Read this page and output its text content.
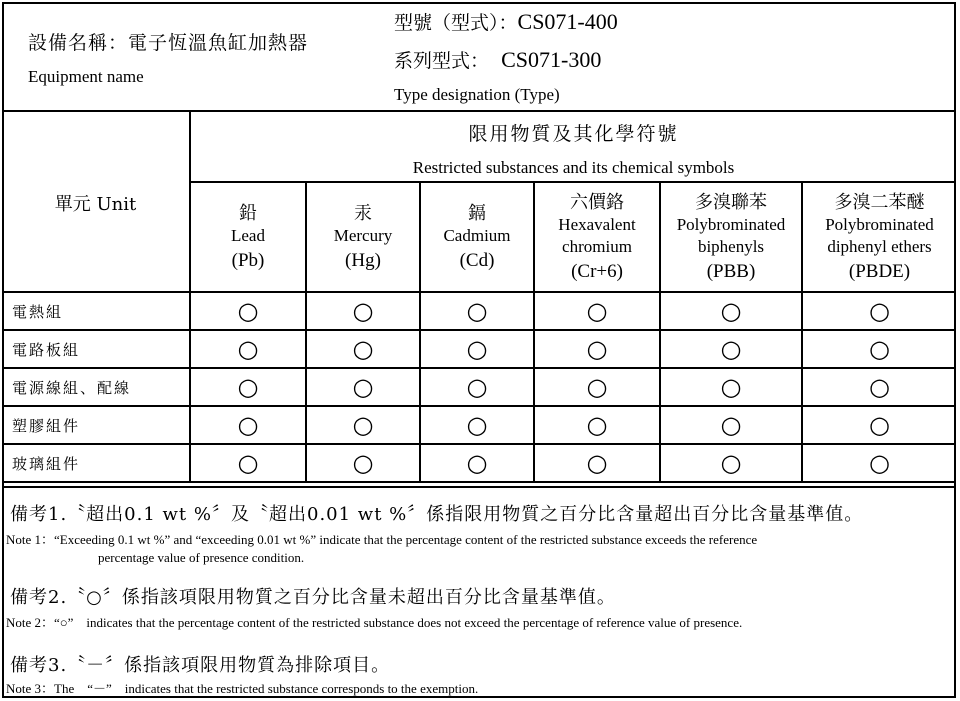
設備名稱：電子恆溫魚缸加熱器
Equipment name
型號（型式）：CS071-400
系列型式： CS071-300
Type designation (Type)
單元 Unit	限用物質及其化學符號
Restricted substances and its chemical symbols					

	鉛
Lead
(Pb)	汞
Mercury
(Hg)	鎘
Cadmium
(Cd)	六價鉻
Hexavalent chromium
(Cr+6)	多溴聯苯
Polybrominated biphenyls
(PBB)	多溴二苯醚
Polybrominated diphenyl ethers
(PBDE)

電熱組	○	○	○	○	○	○
電路板組	○	○	○	○	○	○
電源線組、配線	○	○	○	○	○	○
塑膠組件	○	○	○	○	○	○
玻璃組件	○	○	○	○	○	○
備考1.〝超出0.1 wt %〞及〝超出0.01 wt %〞係指限用物質之百分比含量超出百分比含量基準值。
Note 1：“Exceeding 0.1 wt %” and “exceeding 0.01 wt %” indicate that the percentage content of the restricted substance exceeds the reference
percentage value of presence condition.
備考2.〝○〞係指該項限用物質之百分比含量未超出百分比含量基準值。
Note 2：“○”　indicates that the percentage content of the restricted substance does not exceed the percentage of reference value of presence.
備考3.〝－〞係指該項限用物質為排除項目。
Note 3：The　“－”　indicates that the restricted substance corresponds to the exemption.
